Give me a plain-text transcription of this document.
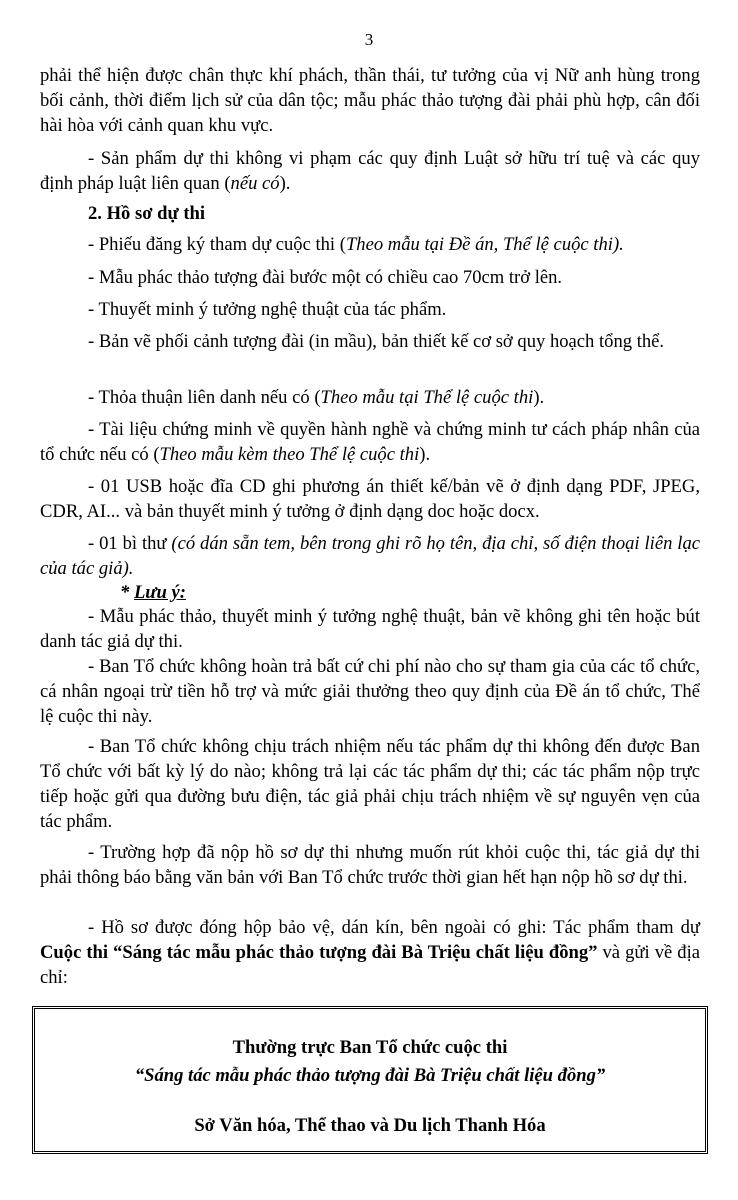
3

phải thể hiện được chân thực khí phách, thần thái, tư tưởng của vị Nữ anh hùng trong bối cảnh, thời điểm lịch sử của dân tộc; mẫu phác thảo tượng đài phải phù hợp, cân đối hài hòa với cảnh quan khu vực.

- Sản phẩm dự thi không vi phạm các quy định Luật sở hữu trí tuệ và các quy định pháp luật liên quan (nếu có).

2. Hồ sơ dự thi

- Phiếu đăng ký tham dự cuộc thi (Theo mẫu tại Đề án, Thể lệ cuộc thi).

- Mẫu phác thảo tượng đài bước một có chiều cao 70cm trở lên.

- Thuyết minh ý tưởng nghệ thuật của tác phẩm.

- Bản vẽ phối cảnh tượng đài (in mầu), bản thiết kế cơ sở quy hoạch tổng thể.

- Thỏa thuận liên danh nếu có (Theo mẫu tại Thể lệ cuộc thi).

- Tài liệu chứng minh về quyền hành nghề và chứng minh tư cách pháp nhân của tổ chức nếu có (Theo mẫu kèm theo Thể lệ cuộc thi).

- 01 USB hoặc đĩa CD ghi phương án thiết kế/bản vẽ ở định dạng PDF, JPEG, CDR, AI... và bản thuyết minh ý tưởng ở định dạng doc hoặc docx.

- 01 bì thư (có dán sẵn tem, bên trong ghi rõ họ tên, địa chỉ, số điện thoại liên lạc của tác giả).

* Lưu ý:

- Mẫu phác thảo, thuyết minh ý tưởng nghệ thuật, bản vẽ không ghi tên hoặc bút danh tác giả dự thi.

- Ban Tổ chức không hoàn trả bất cứ chi phí nào cho sự tham gia của các tổ chức, cá nhân ngoại trừ tiền hỗ trợ và mức giải thưởng theo quy định của Đề án tổ chức, Thể lệ cuộc thi này.

- Ban Tổ chức không chịu trách nhiệm nếu tác phẩm dự thi không đến được Ban Tổ chức với bất kỳ lý do nào; không trả lại các tác phẩm dự thi; các tác phẩm nộp trực tiếp hoặc gửi qua đường bưu điện, tác giả phải chịu trách nhiệm về sự nguyên vẹn của tác phẩm.

- Trường hợp đã nộp hồ sơ dự thi nhưng muốn rút khỏi cuộc thi, tác giả dự thi phải thông báo bằng văn bản với Ban Tổ chức trước thời gian hết hạn nộp hồ sơ dự thi.

- Hồ sơ được đóng hộp bảo vệ, dán kín, bên ngoài có ghi: Tác phẩm tham dự Cuộc thi “Sáng tác mẫu phác thảo tượng đài Bà Triệu chất liệu đồng” và gửi về địa chỉ:

Thường trực Ban Tổ chức cuộc thi
“Sáng tác mẫu phác thảo tượng đài Bà Triệu chất liệu đồng”
Sở Văn hóa, Thể thao và Du lịch Thanh Hóa
